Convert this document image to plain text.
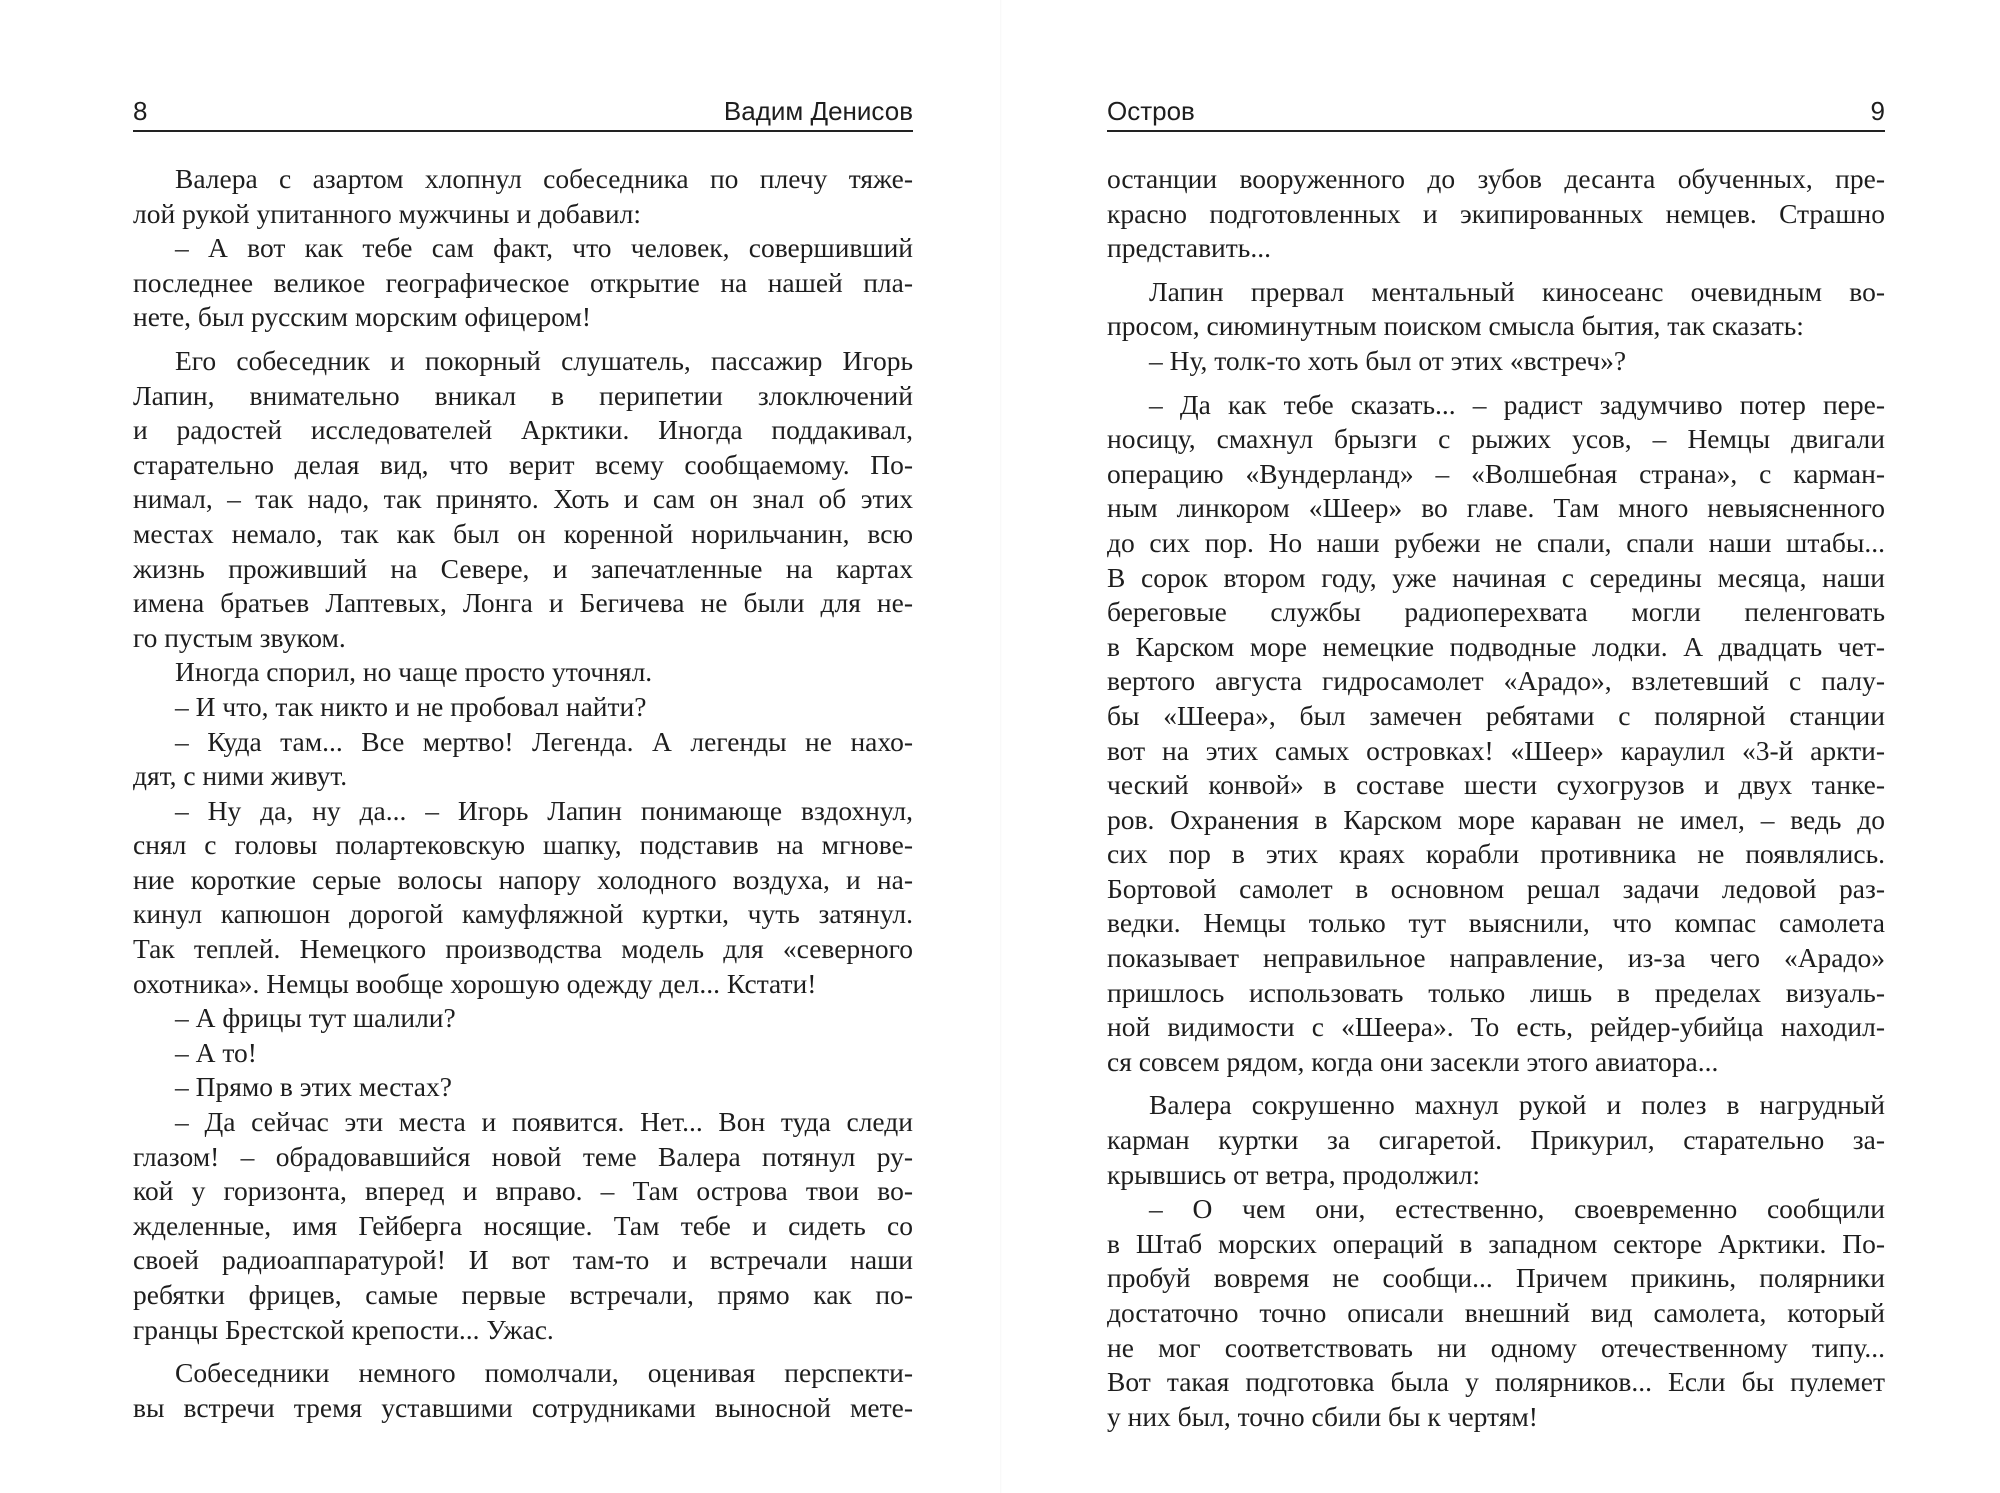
8	Вадим Денисов
Валера с азартом хлопнул собеседника по плечу тяже-
лой рукой упитанного мужчины и добавил:
– А вот как тебе сам факт, что человек, совершивший
последнее великое географическое открытие на нашей пла-
нете, был русским морским офицером!
Его собеседник и покорный слушатель, пассажир Игорь
Лапин, внимательно вникал в перипетии злоключений
и радостей исследователей Арктики. Иногда поддакивал,
старательно делая вид, что верит всему сообщаемому. По-
нимал, – так надо, так принято. Хоть и сам он знал об этих
местах немало, так как был он коренной норильчанин, всю
жизнь проживший на Севере, и запечатленные на картах
имена братьев Лаптевых, Лонга и Бегичева не были для не-
го пустым звуком.
Иногда спорил, но чаще просто уточнял.
– И что, так никто и не пробовал найти?
– Куда там... Все мертво! Легенда. А легенды не нахо-
дят, с ними живут.
– Ну да, ну да... – Игорь Лапин понимающе вздохнул,
снял с головы полартековскую шапку, подставив на мгнове-
ние короткие серые волосы напору холодного воздуха, и на-
кинул капюшон дорогой камуфляжной куртки, чуть затянул.
Так теплей. Немецкого производства модель для «северного
охотника». Немцы вообще хорошую одежду дел... Кстати!
– А фрицы тут шалили?
– А то!
– Прямо в этих местах?
– Да сейчас эти места и появится. Нет... Вон туда следи
глазом! – обрадовавшийся новой теме Валера потянул ру-
кой у горизонта, вперед и вправо. – Там острова твои во-
жделенные, имя Гейберга носящие. Там тебе и сидеть со
своей радиоаппаратурой! И вот там-то и встречали наши
ребятки фрицев, самые первые встречали, прямо как по-
гранцы Брестской крепости... Ужас.
Собеседники немного помолчали, оценивая перспекти-
вы встречи тремя уставшими сотрудниками выносной мете-
Остров	9
останции вооруженного до зубов десанта обученных, пре-
красно подготовленных и экипированных немцев. Страшно
представить...
Лапин прервал ментальный киносеанс очевидным во-
просом, сиюминутным поиском смысла бытия, так сказать:
– Ну, толк-то хоть был от этих «встреч»?
– Да как тебе сказать... – радист задумчиво потер пере-
носицу, смахнул брызги с рыжих усов, – Немцы двигали
операцию «Вундерланд» – «Волшебная страна», с карман-
ным линкором «Шеер» во главе. Там много невыясненного
до сих пор. Но наши рубежи не спали, спали наши штабы...
В сорок втором году, уже начиная с середины месяца, наши
береговые службы радиоперехвата могли пеленговать
в Карском море немецкие подводные лодки. А двадцать чет-
вертого августа гидросамолет «Арадо», взлетевший с палу-
бы «Шеера», был замечен ребятами с полярной станции
вот на этих самых островках! «Шеер» караулил «3-й аркти-
ческий конвой» в составе шести сухогрузов и двух танке-
ров. Охранения в Карском море караван не имел, – ведь до
сих пор в этих краях корабли противника не появлялись.
Бортовой самолет в основном решал задачи ледовой раз-
ведки. Немцы только тут выяснили, что компас самолета
показывает неправильное направление, из-за чего «Арадо»
пришлось использовать только лишь в пределах визуаль-
ной видимости с «Шеера». То есть, рейдер-убийца находил-
ся совсем рядом, когда они засекли этого авиатора...
Валера сокрушенно махнул рукой и полез в нагрудный
карман куртки за сигаретой. Прикурил, старательно за-
крывшись от ветра, продолжил:
– О чем они, естественно, своевременно сообщили
в Штаб морских операций в западном секторе Арктики. По-
пробуй вовремя не сообщи... Причем прикинь, полярники
достаточно точно описали внешний вид самолета, который
не мог соответствовать ни одному отечественному типу...
Вот такая подготовка была у полярников... Если бы пулемет
у них был, точно сбили бы к чертям!
